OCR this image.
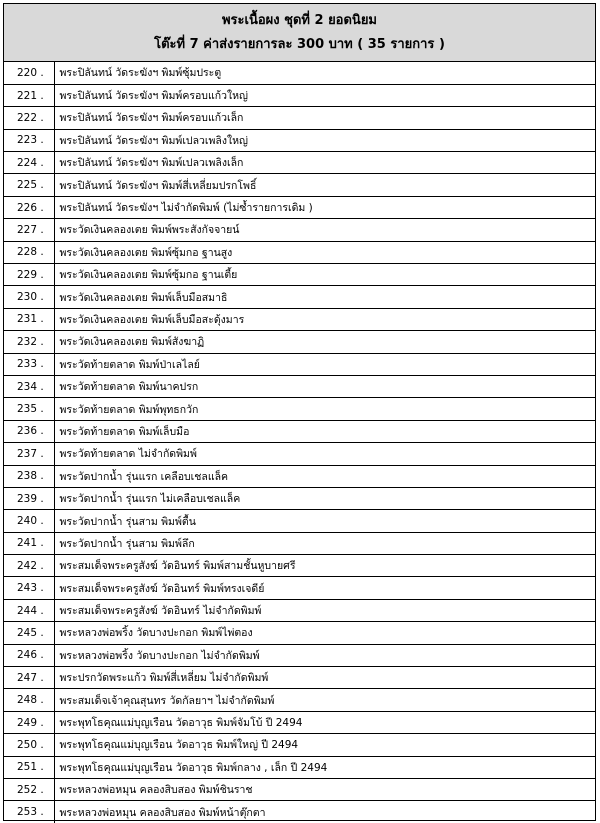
พระเนื้อผง ชุดที่ 2 ยอดนิยม
โต๊ะที่ 7 ค่าส่งรายการละ 300 บาท ( 35 รายการ )
220 .	พระปิลันทน์ วัดระฆังฯ พิมพ์ซุ้มประตู
221 .	พระปิลันทน์ วัดระฆังฯ พิมพ์ครอบแก้วใหญ่
222 .	พระปิลันทน์ วัดระฆังฯ พิมพ์ครอบแก้วเล็ก
223 .	พระปิลันทน์ วัดระฆังฯ พิมพ์เปลวเพลิงใหญ่
224 .	พระปิลันทน์ วัดระฆังฯ พิมพ์เปลวเพลิงเล็ก
225 .	พระปิลันทน์ วัดระฆังฯ พิมพ์สี่เหลี่ยมปรกโพธิ์
226 .	พระปิลันทน์ วัดระฆังฯ ไม่จำกัดพิมพ์ (ไม่ซ้ำรายการเดิม )
227 .	พระวัดเงินคลองเตย พิมพ์พระสังกัจจายน์
228 .	พระวัดเงินคลองเตย พิมพ์ซุ้มกอ ฐานสูง
229 .	พระวัดเงินคลองเตย พิมพ์ซุ้มกอ ฐานเตี้ย
230 .	พระวัดเงินคลองเตย พิมพ์เล็บมือสมาธิ
231 .	พระวัดเงินคลองเตย พิมพ์เล็บมือสะดุ้งมาร
232 .	พระวัดเงินคลองเตย พิมพ์สังฆาฏิ
233 .	พระวัดท้ายตลาด พิมพ์ป่าเลไลย์
234 .	พระวัดท้ายตลาด พิมพ์นาคปรก
235 .	พระวัดท้ายตลาด พิมพ์พุทธกวัก
236 .	พระวัดท้ายตลาด พิมพ์เล็บมือ
237 .	พระวัดท้ายตลาด ไม่จำกัดพิมพ์
238 .	พระวัดปากน้ำ รุ่นแรก เคลือบเชลแล็ค
239 .	พระวัดปากน้ำ รุ่นแรก ไม่เคลือบเชลแล็ค
240 .	พระวัดปากน้ำ รุ่นสาม พิมพ์ตื้น
241 .	พระวัดปากน้ำ รุ่นสาม พิมพ์ลึก
242 .	พระสมเด็จพระครูสังฆ์ วัดอินทร์ พิมพ์สามชั้นหูบายศรี
243 .	พระสมเด็จพระครูสังฆ์ วัดอินทร์ พิมพ์ทรงเจดีย์
244 .	พระสมเด็จพระครูสังฆ์ วัดอินทร์ ไม่จำกัดพิมพ์
245 .	พระหลวงพ่อพริ้ง วัดบางปะกอก พิมพ์ไพ่ตอง
246 .	พระหลวงพ่อพริ้ง วัดบางปะกอก ไม่จำกัดพิมพ์
247 .	พระปรกวัดพระแก้ว พิมพ์สี่เหลี่ยม ไม่จำกัดพิมพ์
248 .	พระสมเด็จเจ้าคุณสุนทร วัดกัลยาฯ ไม่จำกัดพิมพ์
249 .	พระพุทโธคุณแม่บุญเรือน วัดอาวุธ พิมพ์จัมโบ้ ปี 2494
250 .	พระพุทโธคุณแม่บุญเรือน วัดอาวุธ พิมพ์ใหญ่ ปี 2494
251 .	พระพุทโธคุณแม่บุญเรือน วัดอาวุธ พิมพ์กลาง , เล็ก ปี 2494
252 .	พระหลวงพ่อหมุน คลองสิบสอง พิมพ์ชินราช
253 .	พระหลวงพ่อหมุน คลองสิบสอง พิมพ์หน้าตุ๊กตา
